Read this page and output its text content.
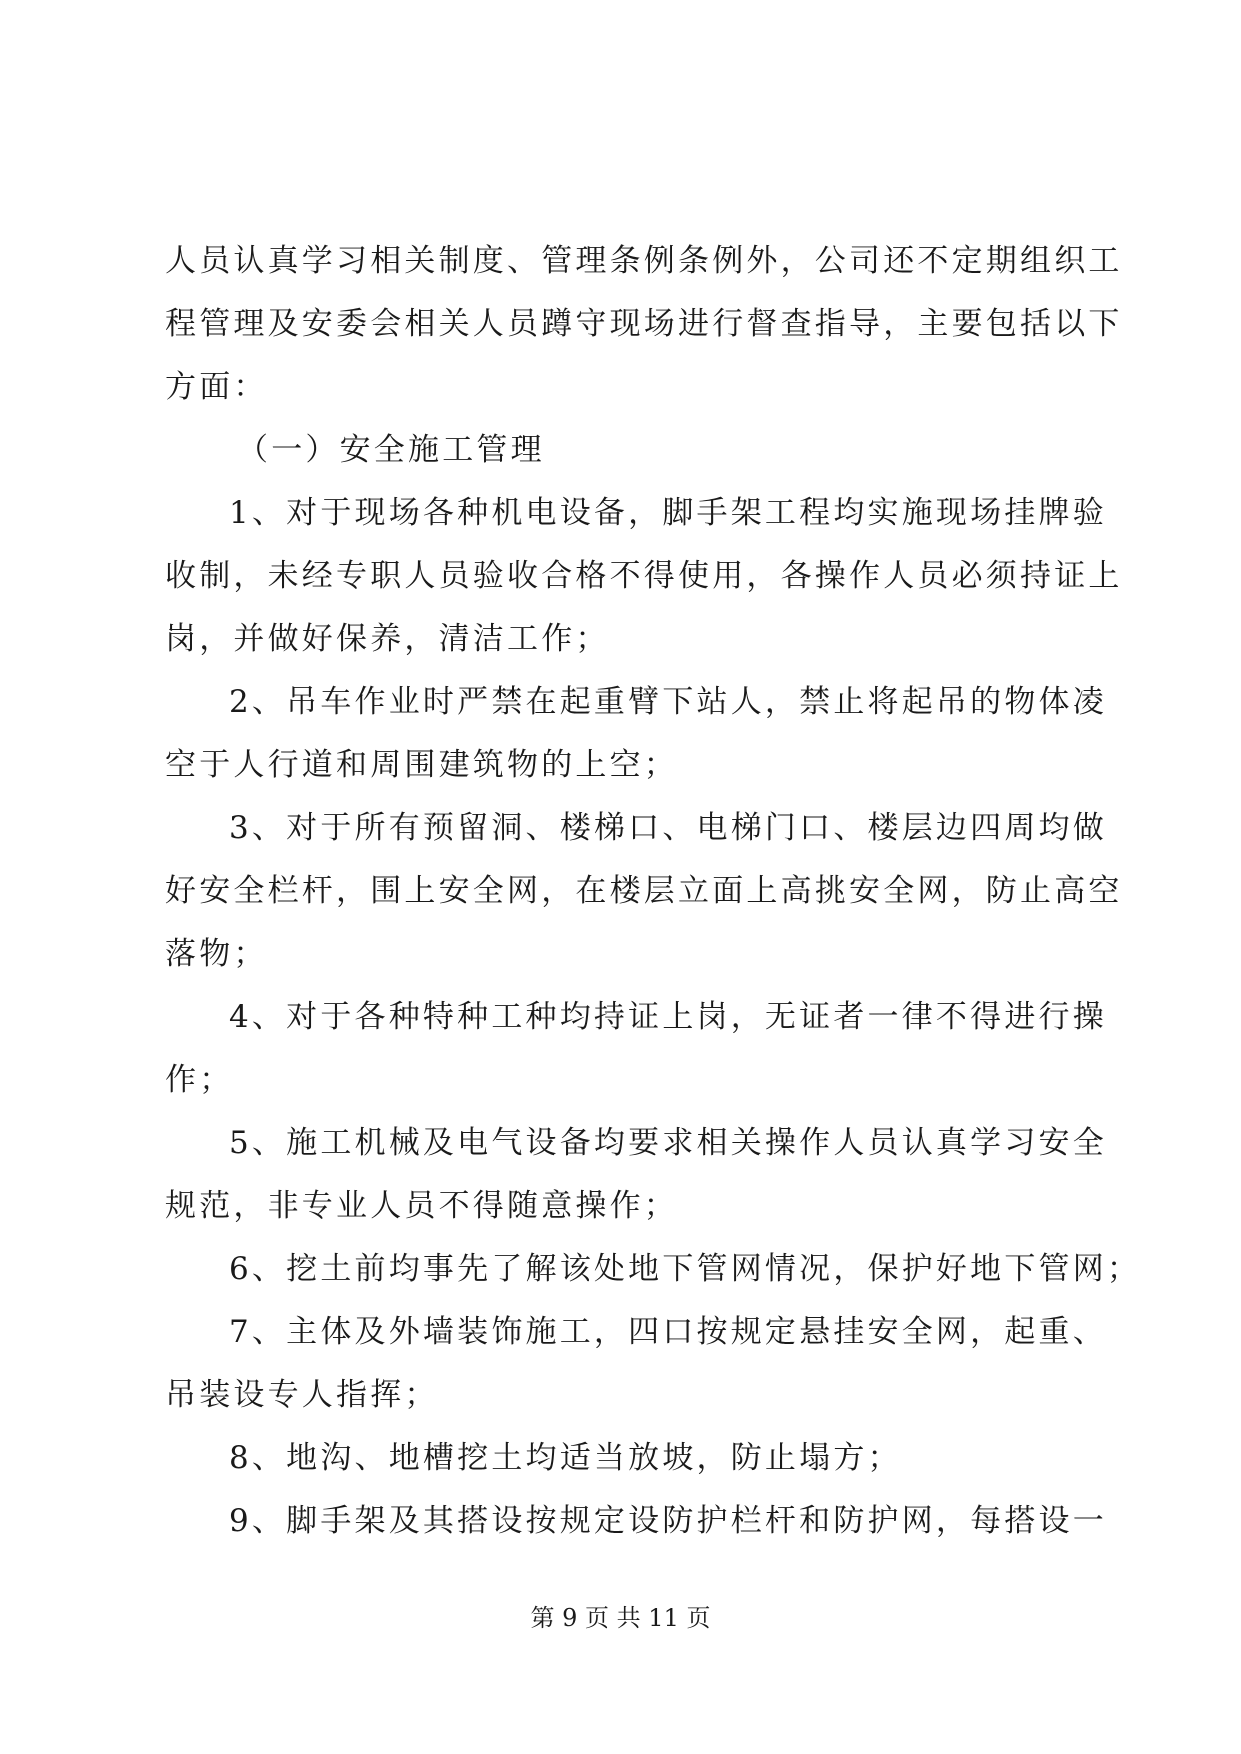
人员认真学习相关制度、管理条例条例外，公司还不定期组织工
程管理及安委会相关人员蹲守现场进行督查指导，主要包括以下
方面：
（一）安全施工管理
1、对于现场各种机电设备，脚手架工程均实施现场挂牌验
收制，未经专职人员验收合格不得使用，各操作人员必须持证上
岗，并做好保养，清洁工作；
2、吊车作业时严禁在起重臂下站人，禁止将起吊的物体凌
空于人行道和周围建筑物的上空；
3、对于所有预留洞、楼梯口、电梯门口、楼层边四周均做
好安全栏杆，围上安全网，在楼层立面上高挑安全网，防止高空
落物；
4、对于各种特种工种均持证上岗，无证者一律不得进行操
作；
5、施工机械及电气设备均要求相关操作人员认真学习安全
规范，非专业人员不得随意操作；
6、挖土前均事先了解该处地下管网情况，保护好地下管网；
7、主体及外墙装饰施工，四口按规定悬挂安全网，起重、
吊装设专人指挥；
8、地沟、地槽挖土均适当放坡，防止塌方；
9、脚手架及其搭设按规定设防护栏杆和防护网，每搭设一
第 9 页 共 11 页
